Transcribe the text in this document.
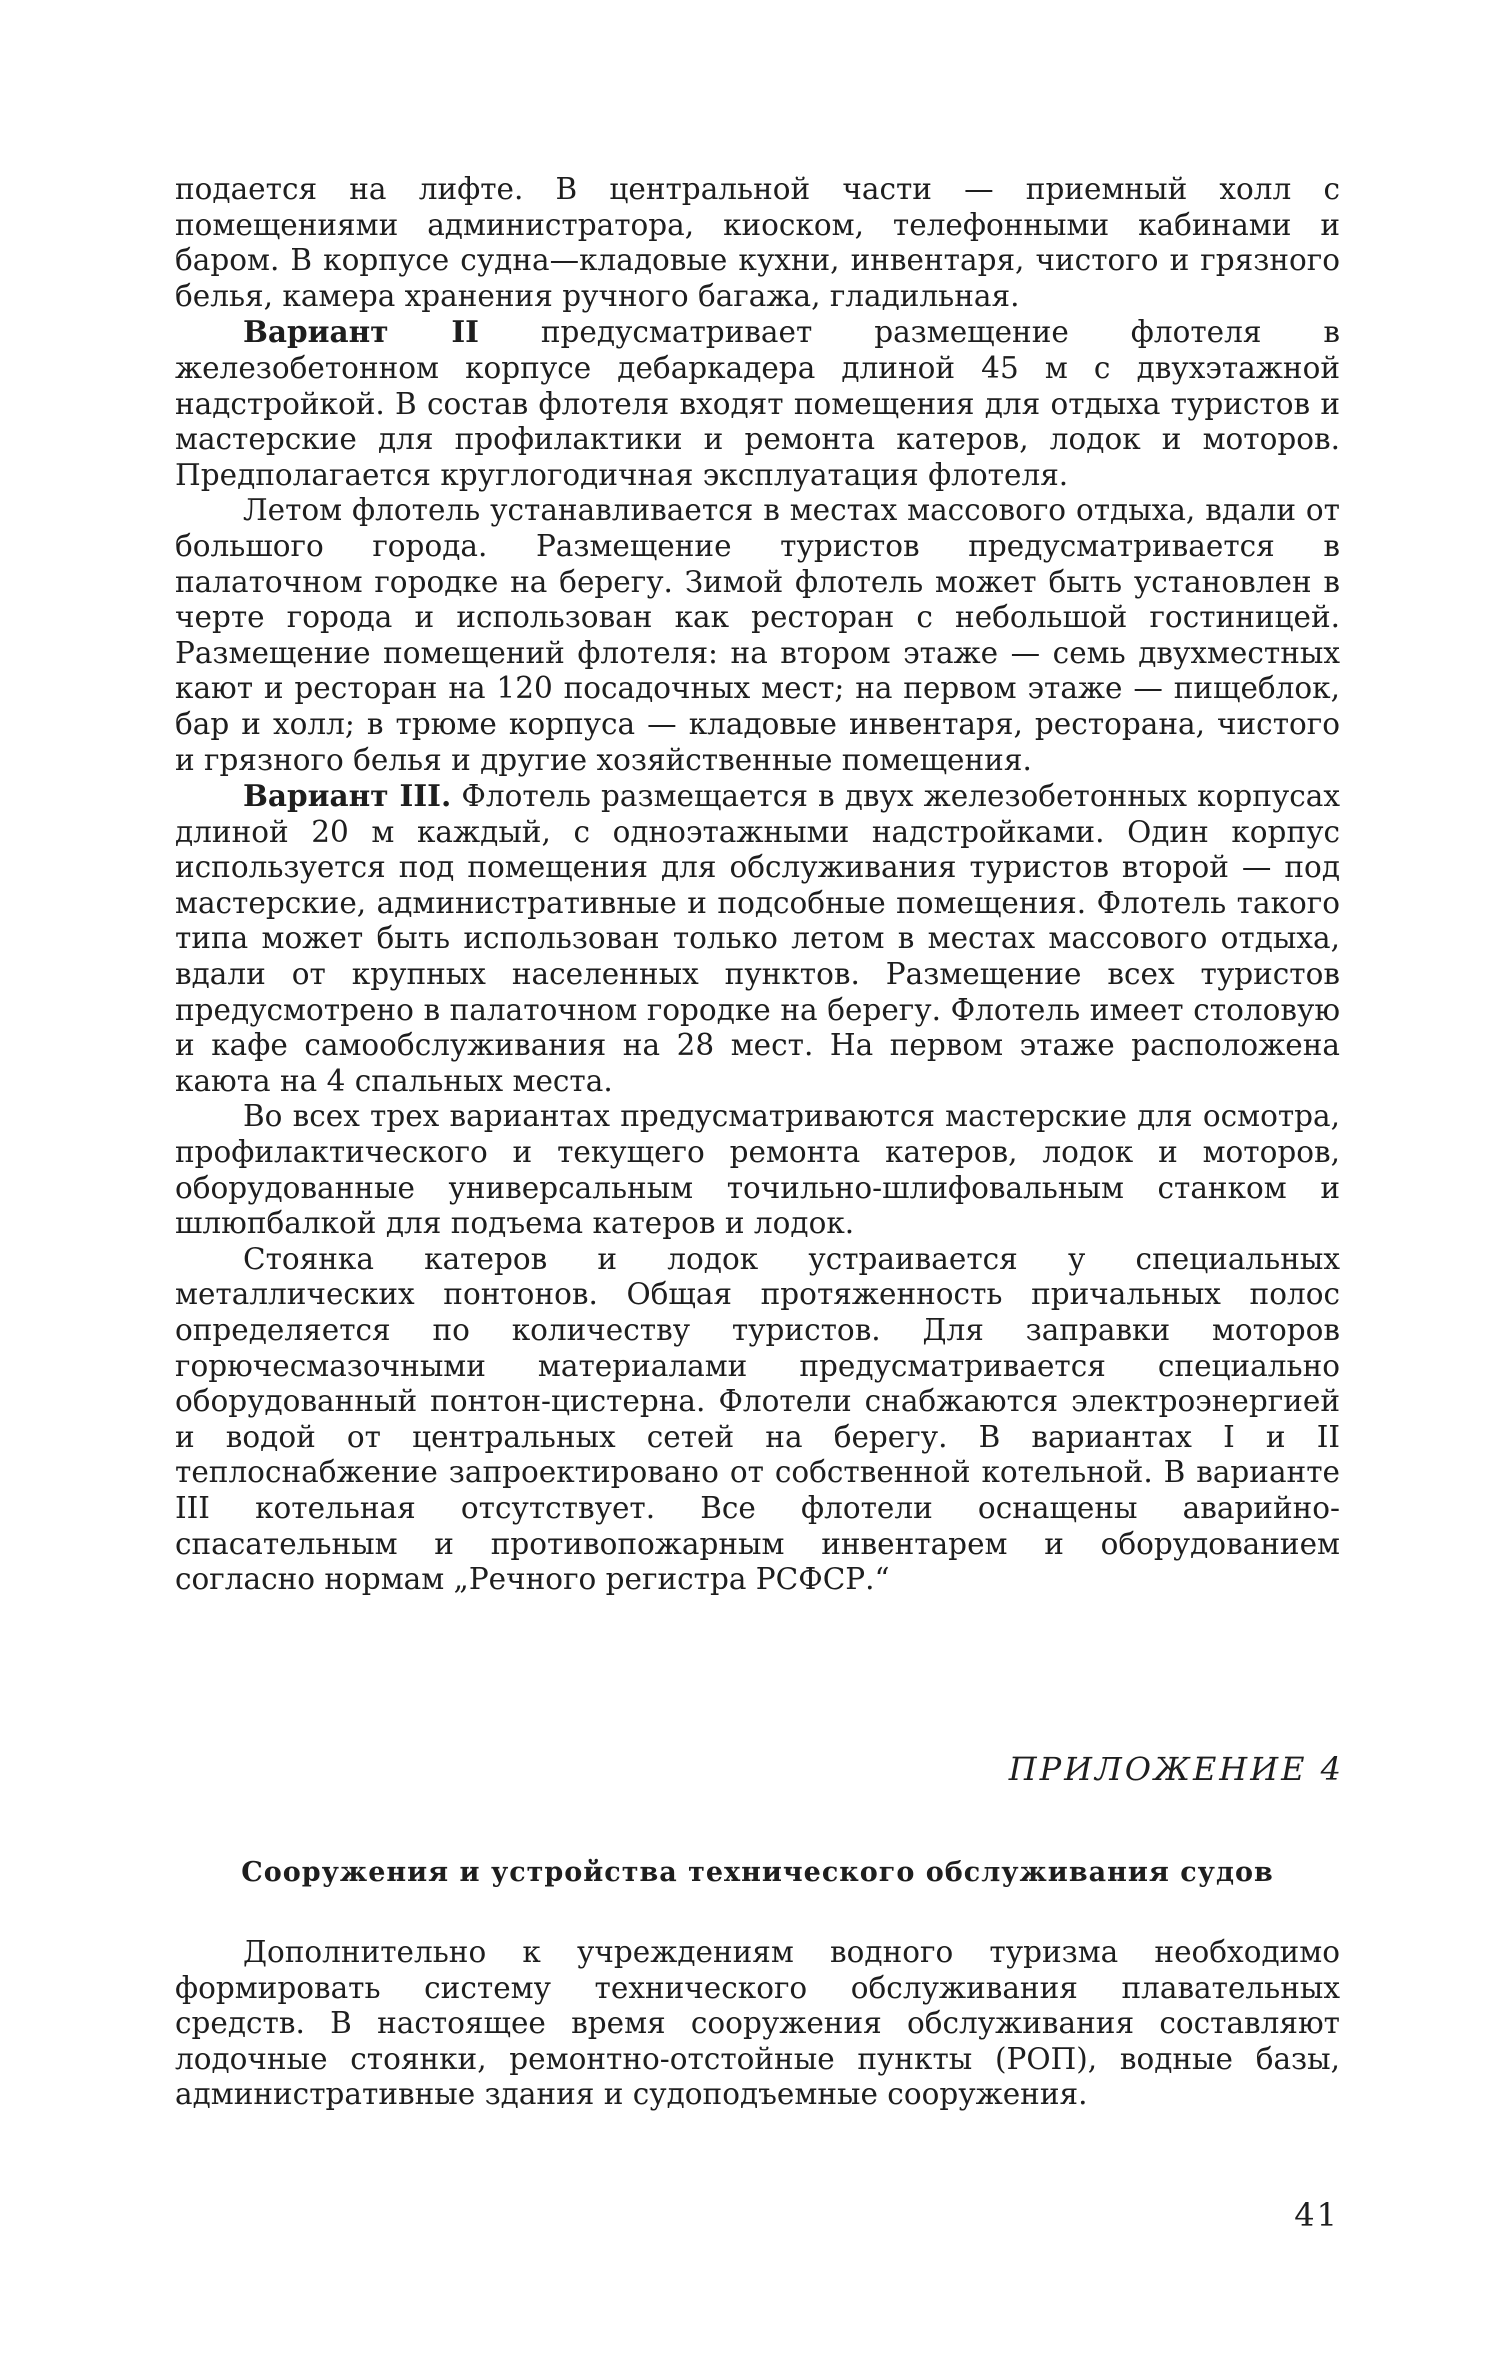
подается на лифте. В центральной части — приемный холл с помещениями администратора, киоском, телефонными кабинами и баром. В корпусе судна—кладовые кухни, инвентаря, чистого и грязного белья, камера хранения ручного багажа, гладильная.

Вариант II предусматривает размещение флотеля в железобетонном корпусе дебаркадера длиной 45 м с двухэтажной надстройкой. В состав флотеля входят помещения для отдыха туристов и мастерские для профилактики и ремонта катеров, лодок и моторов. Предполагается круглогодичная эксплуатация флотеля.

Летом флотель устанавливается в местах массового отдыха, вдали от большого города. Размещение туристов предусматривается в палаточном городке на берегу. Зимой флотель может быть установлен в черте города и использован как ресторан с небольшой гостиницей. Размещение помещений флотеля: на втором этаже — семь двухместных кают и ресторан на 120 посадочных мест; на первом этаже — пищеблок, бар и холл; в трюме корпуса — кладовые инвентаря, ресторана, чистого и грязного белья и другие хозяйственные помещения.

Вариант III. Флотель размещается в двух железобетонных корпусах длиной 20 м каждый, с одноэтажными надстройками. Один корпус используется под помещения для обслуживания туристов второй — под мастерские, административные и подсобные помещения. Флотель такого типа может быть использован только летом в местах массового отдыха, вдали от крупных населенных пунктов. Размещение всех туристов предусмотрено в палаточном городке на берегу. Флотель имеет столовую и кафе самообслуживания на 28 мест. На первом этаже расположена каюта на 4 спальных места.

Во всех трех вариантах предусматриваются мастерские для осмотра, профилактического и текущего ремонта катеров, лодок и моторов, оборудованные универсальным точильно-шлифовальным станком и шлюпбалкой для подъема катеров и лодок.

Стоянка катеров и лодок устраивается у специальных металлических понтонов. Общая протяженность причальных полос определяется по количеству туристов. Для заправки моторов горючесмазочными материалами предусматривается специально оборудованный понтон-цистерна. Флотели снабжаются электроэнергией и водой от центральных сетей на берегу. В вариантах I и II теплоснабжение запроектировано от собственной котельной. В варианте III котельная отсутствует. Все флотели оснащены аварийно-спасательным и противопожарным инвентарем и оборудованием согласно нормам „Речного регистра РСФСР.“

ПРИЛОЖЕНИЕ 4
Сооружения и устройства технического обслуживания судов

Дополнительно к учреждениям водного туризма необходимо формировать систему технического обслуживания плавательных средств. В настоящее время сооружения обслуживания составляют лодочные стоянки, ремонтно-отстойные пункты (РОП), водные базы, административные здания и судоподъемные сооружения.

41
